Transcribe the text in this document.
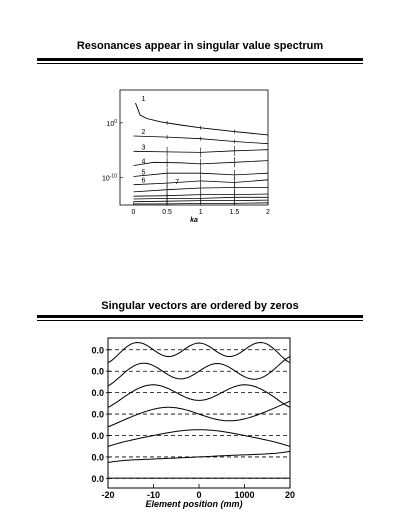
Resonances appear in singular value spectrum
Singular vectors are ordered by zeros
0	0.5	1	1.5	2
$10^0$
$10^{-10}$
ka
1
2
3
4
5
6	7
0.0
0.0
0.0
0.0
0.0
0.0
0.0
-20	-10	0	1000	20
Element position (mm)
